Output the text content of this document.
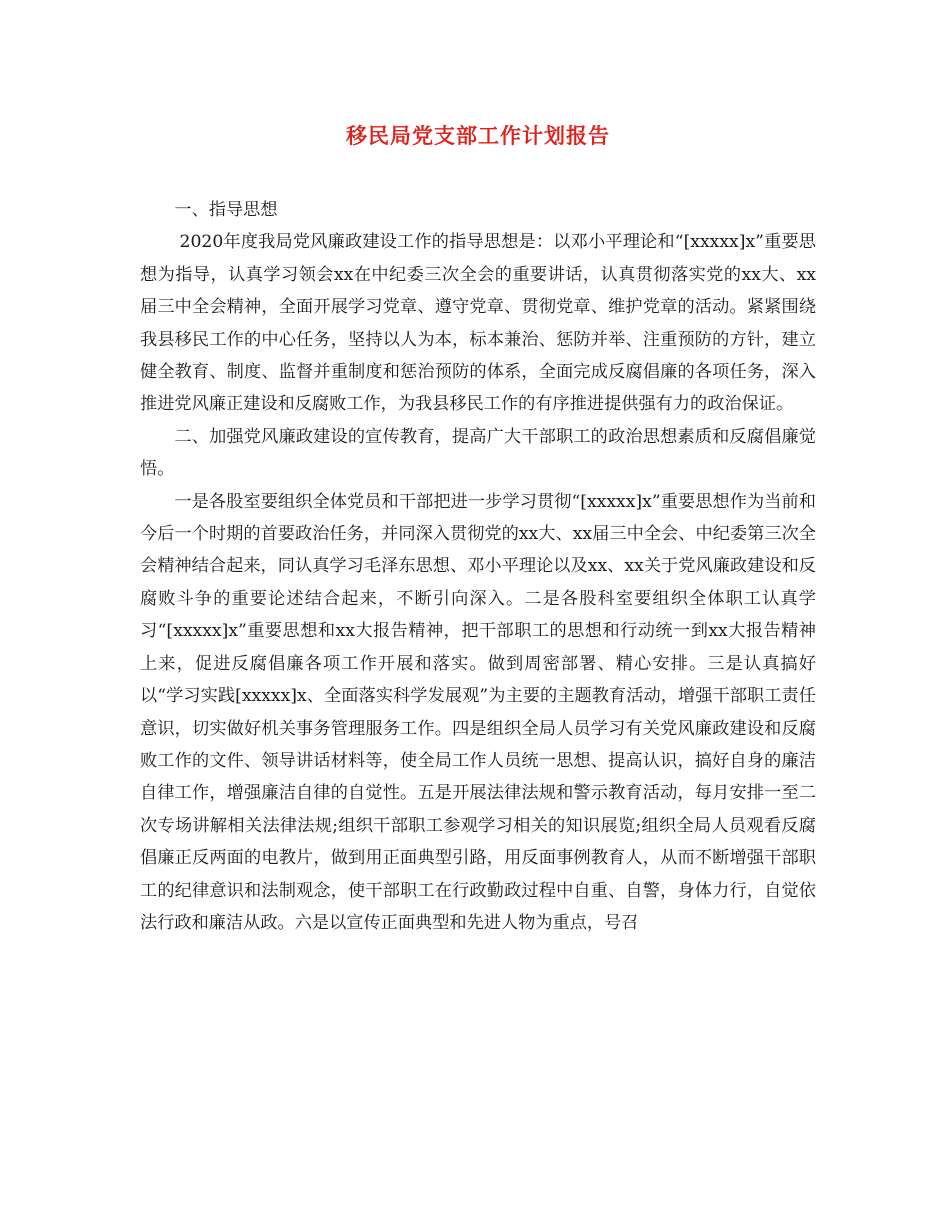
移民局党支部工作计划报告

一、指导思想

2020年度我局党风廉政建设工作的指导思想是：以邓小平理论和“[xxxxx]x”重要思想为指导，认真学习领会xx在中纪委三次全会的重要讲话，认真贯彻落实党的xx大、xx届三中全会精神，全面开展学习党章、遵守党章、贯彻党章、维护党章的活动。紧紧围绕我县移民工作的中心任务，坚持以人为本，标本兼治、惩防并举、注重预防的方针，建立健全教育、制度、监督并重制度和惩治预防的体系，全面完成反腐倡廉的各项任务，深入推进党风廉正建设和反腐败工作，为我县移民工作的有序推进提供强有力的政治保证。

二、加强党风廉政建设的宣传教育，提高广大干部职工的政治思想素质和反腐倡廉觉悟。

一是各股室要组织全体党员和干部把进一步学习贯彻“[xxxxx]x”重要思想作为当前和今后一个时期的首要政治任务，并同深入贯彻党的xx大、xx届三中全会、中纪委第三次全会精神结合起来，同认真学习毛泽东思想、邓小平理论以及xx、xx关于党风廉政建设和反腐败斗争的重要论述结合起来，不断引向深入。二是各股科室要组织全体职工认真学习“[xxxxx]x”重要思想和xx大报告精神，把干部职工的思想和行动统一到xx大报告精神上来，促进反腐倡廉各项工作开展和落实。做到周密部署、精心安排。三是认真搞好以“学习实践[xxxxx]x、全面落实科学发展观”为主要的主题教育活动，增强干部职工责任意识，切实做好机关事务管理服务工作。四是组织全局人员学习有关党风廉政建设和反腐败工作的文件、领导讲话材料等，使全局工作人员统一思想、提高认识，搞好自身的廉洁自律工作，增强廉洁自律的自觉性。五是开展法律法规和警示教育活动，每月安排一至二次专场讲解相关法律法规;组织干部职工参观学习相关的知识展览;组织全局人员观看反腐倡廉正反两面的电教片，做到用正面典型引路，用反面事例教育人，从而不断增强干部职工的纪律意识和法制观念，使干部职工在行政勤政过程中自重、自警，身体力行，自觉依法行政和廉洁从政。六是以宣传正面典型和先进人物为重点，号召
